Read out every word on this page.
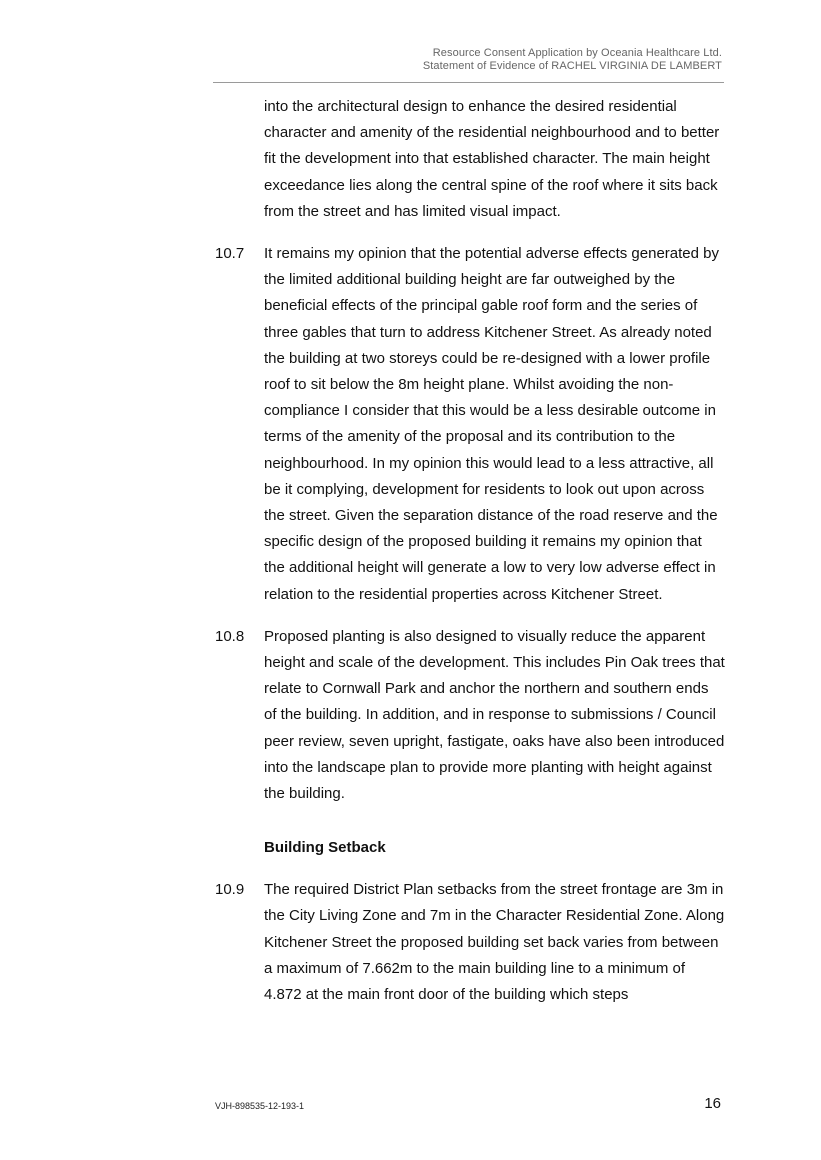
Resource Consent Application by Oceania Healthcare Ltd.
Statement of Evidence of RACHEL VIRGINIA DE LAMBERT
into the architectural design to enhance the desired residential character and amenity of the residential neighbourhood and to better fit the development into that established character. The main height exceedance lies along the central spine of the roof where it sits back from the street and has limited visual impact.
10.7 It remains my opinion that the potential adverse effects generated by the limited additional building height are far outweighed by the beneficial effects of the principal gable roof form and the series of three gables that turn to address Kitchener Street. As already noted the building at two storeys could be re-designed with a lower profile roof to sit below the 8m height plane. Whilst avoiding the non-compliance I consider that this would be a less desirable outcome in terms of the amenity of the proposal and its contribution to the neighbourhood. In my opinion this would lead to a less attractive, all be it complying, development for residents to look out upon across the street. Given the separation distance of the road reserve and the specific design of the proposed building it remains my opinion that the additional height will generate a low to very low adverse effect in relation to the residential properties across Kitchener Street.
10.8 Proposed planting is also designed to visually reduce the apparent height and scale of the development. This includes Pin Oak trees that relate to Cornwall Park and anchor the northern and southern ends of the building. In addition, and in response to submissions / Council peer review, seven upright, fastigate, oaks have also been introduced into the landscape plan to provide more planting with height against the building.
Building Setback
10.9 The required District Plan setbacks from the street frontage are 3m in the City Living Zone and 7m in the Character Residential Zone. Along Kitchener Street the proposed building set back varies from between a maximum of 7.662m to the main building line to a minimum of 4.872 at the main front door of the building which steps
VJH-898535-12-193-1	16
